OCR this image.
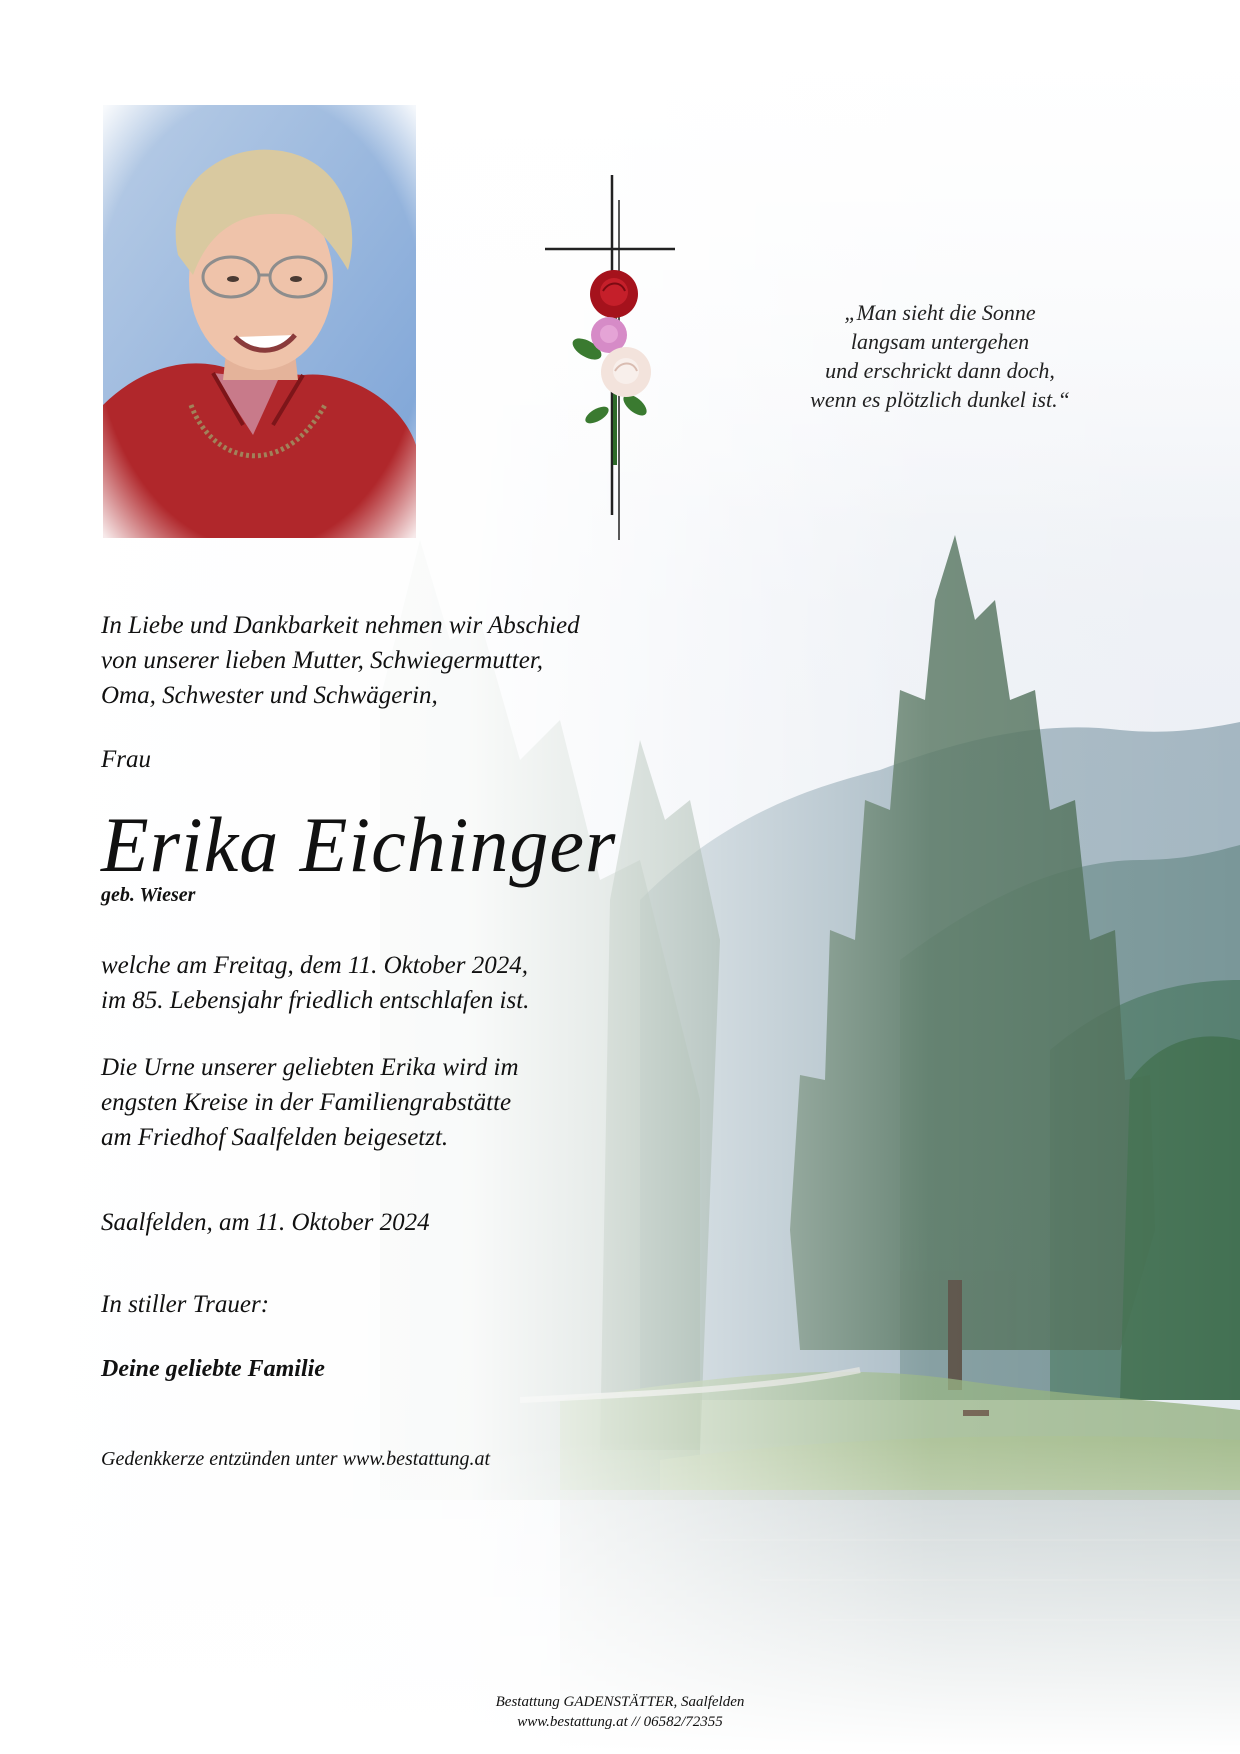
„Man sieht die Sonne
langsam untergehen
und erschrickt dann doch,
wenn es plötzlich dunkel ist.“

In Liebe und Dankbarkeit nehmen wir Abschied
von unserer lieben Mutter, Schwiegermutter,
Oma, Schwester und Schwägerin,

Frau

Erika Eichinger

geb. Wieser

welche am Freitag, dem 11. Oktober 2024,
im 85. Lebensjahr friedlich entschlafen ist.

Die Urne unserer geliebten Erika wird im
engsten Kreise in der Familiengrabstätte
am Friedhof Saalfelden beigesetzt.

Saalfelden, am 11. Oktober 2024

In stiller Trauer:

Deine geliebte Familie

Gedenkkerze entzünden unter www.bestattung.at

Bestattung GADENSTÄTTER, Saalfelden
www.bestattung.at // 06582/72355
